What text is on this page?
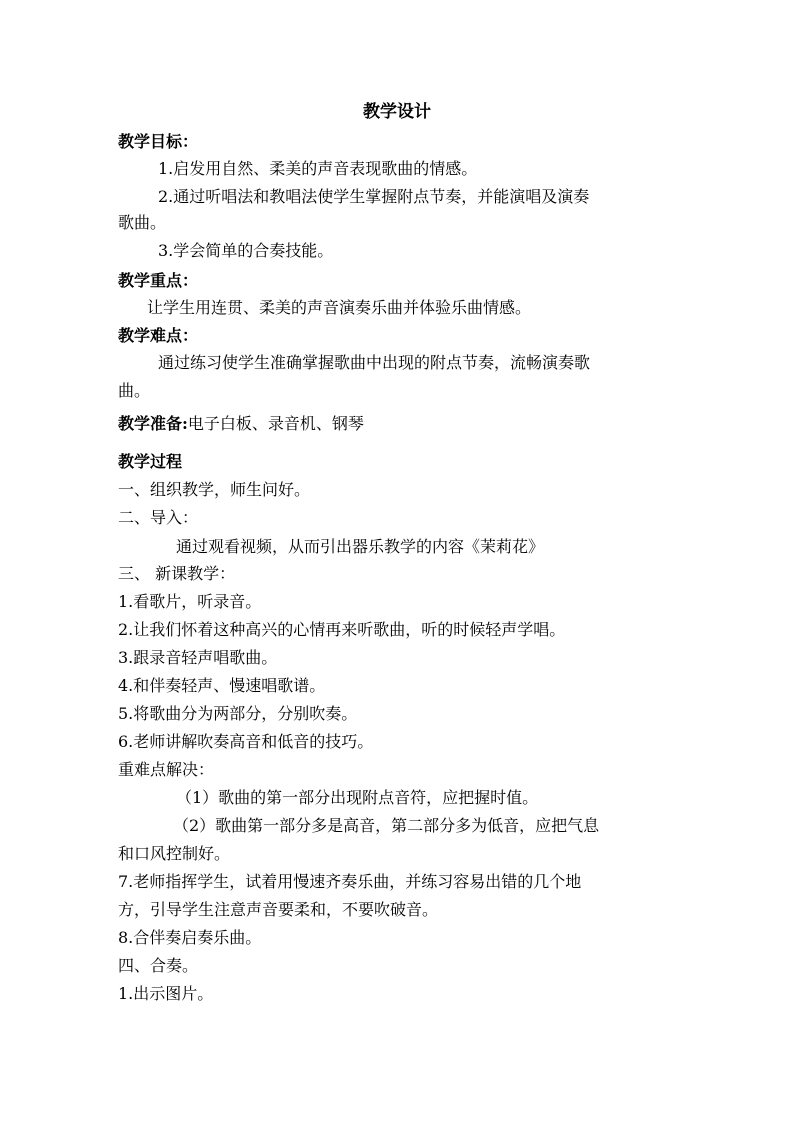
教学设计
教学目标：
1.启发用自然、柔美的声音表现歌曲的情感。
2.通过听唱法和教唱法使学生掌握附点节奏，并能演唱及演奏
歌曲。
3.学会简单的合奏技能。
教学重点：
让学生用连贯、柔美的声音演奏乐曲并体验乐曲情感。
教学难点：
通过练习使学生准确掌握歌曲中出现的附点节奏，流畅演奏歌
曲。
教学准备:电子白板、录音机、钢琴
教学过程
一、组织教学，师生问好。
二、导入：
通过观看视频，从而引出器乐教学的内容《茉莉花》
三、 新课教学：
1.看歌片，听录音。
2.让我们怀着这种高兴的心情再来听歌曲，听的时候轻声学唱。
3.跟录音轻声唱歌曲。
4.和伴奏轻声、慢速唱歌谱。
5.将歌曲分为两部分，分别吹奏。
6.老师讲解吹奏高音和低音的技巧。
重难点解决：
（1）歌曲的第一部分出现附点音符，应把握时值。
（2）歌曲第一部分多是高音，第二部分多为低音，应把气息
和口风控制好。
7.老师指挥学生，试着用慢速齐奏乐曲，并练习容易出错的几个地
方，引导学生注意声音要柔和，不要吹破音。
8.合伴奏启奏乐曲。
四、合奏。
1.出示图片。
